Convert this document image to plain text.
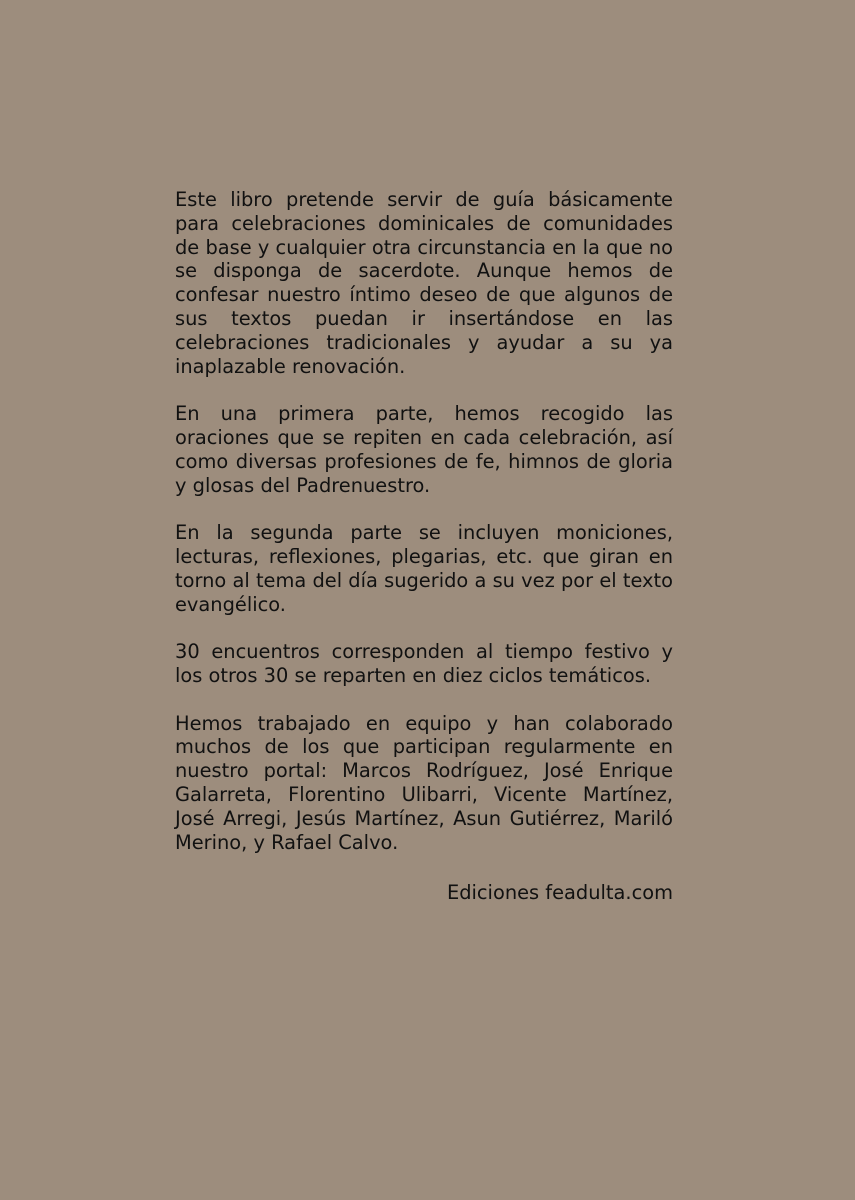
Este libro pretende servir de guía básicamente para celebraciones dominicales de comunidades de base y cualquier otra circunstancia en la que no se disponga de sacerdote. Aunque hemos de confesar nuestro íntimo deseo de que algunos de sus textos puedan ir insertándose en las celebraciones tradicionales y ayudar a su ya inaplazable renovación.

En una primera parte, hemos recogido las oraciones que se repiten en cada celebración, así como diversas profesiones de fe, himnos de gloria y glosas del Padrenuestro.

En la segunda parte se incluyen moniciones, lecturas, reflexiones, plegarias, etc. que giran en torno al tema del día sugerido a su vez por el texto evangélico.

30 encuentros corresponden al tiempo festivo y los otros 30 se reparten en diez ciclos temáticos.

Hemos trabajado en equipo y han colaborado muchos de los que participan regularmente en nuestro portal: Marcos Rodríguez, José Enrique Galarreta, Florentino Ulibarri, Vicente Martínez, José Arregi, Jesús Martínez, Asun Gutiérrez, Mariló Merino, y Rafael Calvo.

Ediciones feadulta.com
